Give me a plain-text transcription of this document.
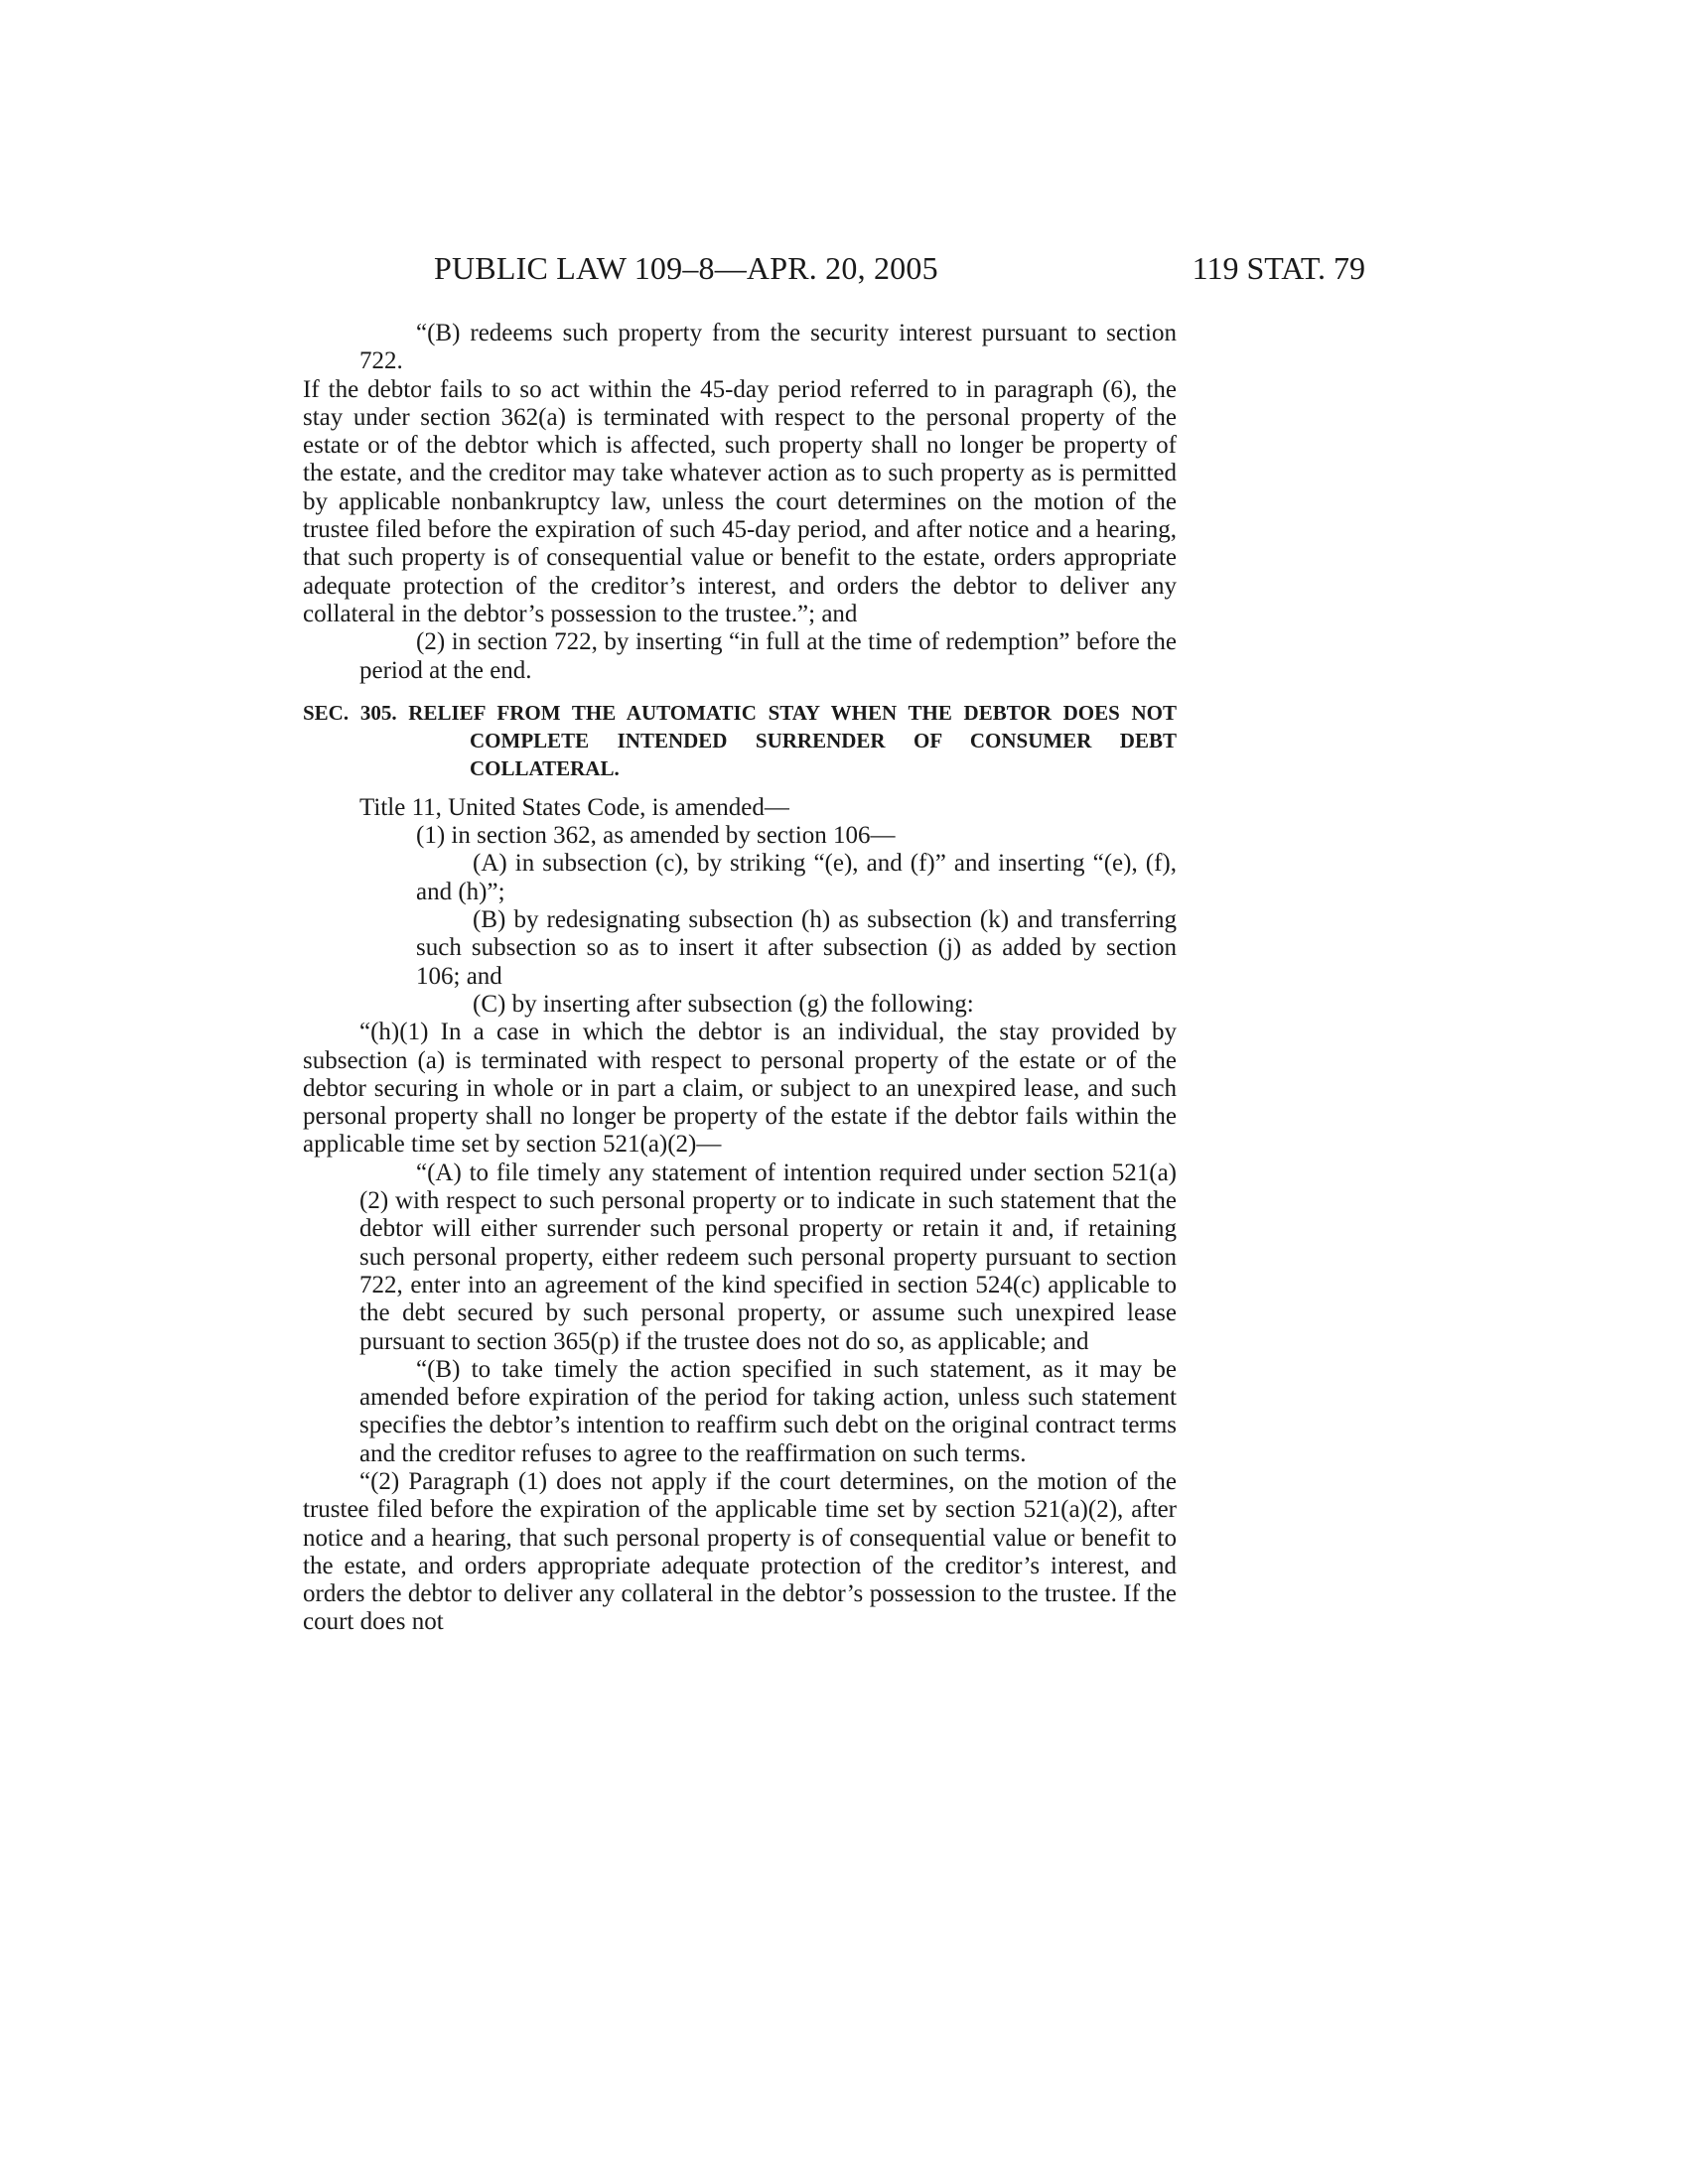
PUBLIC LAW 109–8—APR. 20, 2005	119 STAT. 79

“(B) redeems such property from the security interest pursuant to section 722.

If the debtor fails to so act within the 45-day period referred to in paragraph (6), the stay under section 362(a) is terminated with respect to the personal property of the estate or of the debtor which is affected, such property shall no longer be property of the estate, and the creditor may take whatever action as to such property as is permitted by applicable nonbankruptcy law, unless the court determines on the motion of the trustee filed before the expiration of such 45-day period, and after notice and a hearing, that such property is of consequential value or benefit to the estate, orders appropriate adequate protection of the creditor’s interest, and orders the debtor to deliver any collateral in the debtor’s possession to the trustee.”; and

(2) in section 722, by inserting “in full at the time of redemption” before the period at the end.

SEC. 305. RELIEF FROM THE AUTOMATIC STAY WHEN THE DEBTOR DOES NOT COMPLETE INTENDED SURRENDER OF CONSUMER DEBT COLLATERAL.

Title 11, United States Code, is amended—

(1) in section 362, as amended by section 106—

(A) in subsection (c), by striking “(e), and (f)” and inserting “(e), (f), and (h)”;

(B) by redesignating subsection (h) as subsection (k) and transferring such subsection so as to insert it after subsection (j) as added by section 106; and

(C) by inserting after subsection (g) the following:

“(h)(1) In a case in which the debtor is an individual, the stay provided by subsection (a) is terminated with respect to personal property of the estate or of the debtor securing in whole or in part a claim, or subject to an unexpired lease, and such personal property shall no longer be property of the estate if the debtor fails within the applicable time set by section 521(a)(2)—

“(A) to file timely any statement of intention required under section 521(a)(2) with respect to such personal property or to indicate in such statement that the debtor will either surrender such personal property or retain it and, if retaining such personal property, either redeem such personal property pursuant to section 722, enter into an agreement of the kind specified in section 524(c) applicable to the debt secured by such personal property, or assume such unexpired lease pursuant to section 365(p) if the trustee does not do so, as applicable; and

“(B) to take timely the action specified in such statement, as it may be amended before expiration of the period for taking action, unless such statement specifies the debtor’s intention to reaffirm such debt on the original contract terms and the creditor refuses to agree to the reaffirmation on such terms.

“(2) Paragraph (1) does not apply if the court determines, on the motion of the trustee filed before the expiration of the applicable time set by section 521(a)(2), after notice and a hearing, that such personal property is of consequential value or benefit to the estate, and orders appropriate adequate protection of the creditor’s interest, and orders the debtor to deliver any collateral in the debtor’s possession to the trustee. If the court does not
